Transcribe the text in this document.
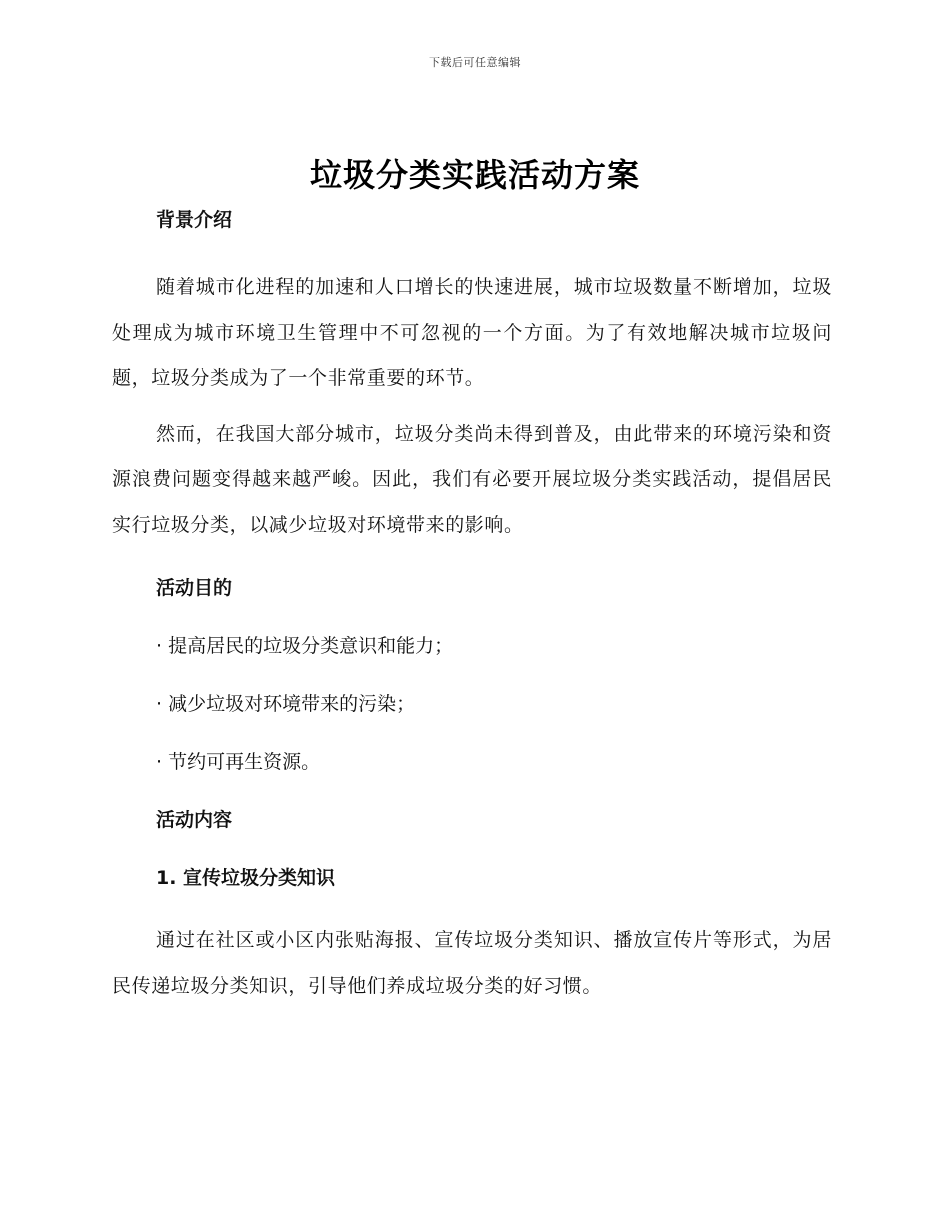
下载后可任意编辑
垃圾分类实践活动方案

背景介绍

随着城市化进程的加速和人口增长的快速进展，城市垃圾数量不断增加，垃圾处理成为城市环境卫生管理中不可忽视的一个方面。为了有效地解决城市垃圾问题，垃圾分类成为了一个非常重要的环节。

然而，在我国大部分城市，垃圾分类尚未得到普及，由此带来的环境污染和资源浪费问题变得越来越严峻。因此，我们有必要开展垃圾分类实践活动，提倡居民实行垃圾分类，以减少垃圾对环境带来的影响。

活动目的

· 提高居民的垃圾分类意识和能力；

· 减少垃圾对环境带来的污染；

· 节约可再生资源。

活动内容

1. 宣传垃圾分类知识

通过在社区或小区内张贴海报、宣传垃圾分类知识、播放宣传片等形式，为居民传递垃圾分类知识，引导他们养成垃圾分类的好习惯。
